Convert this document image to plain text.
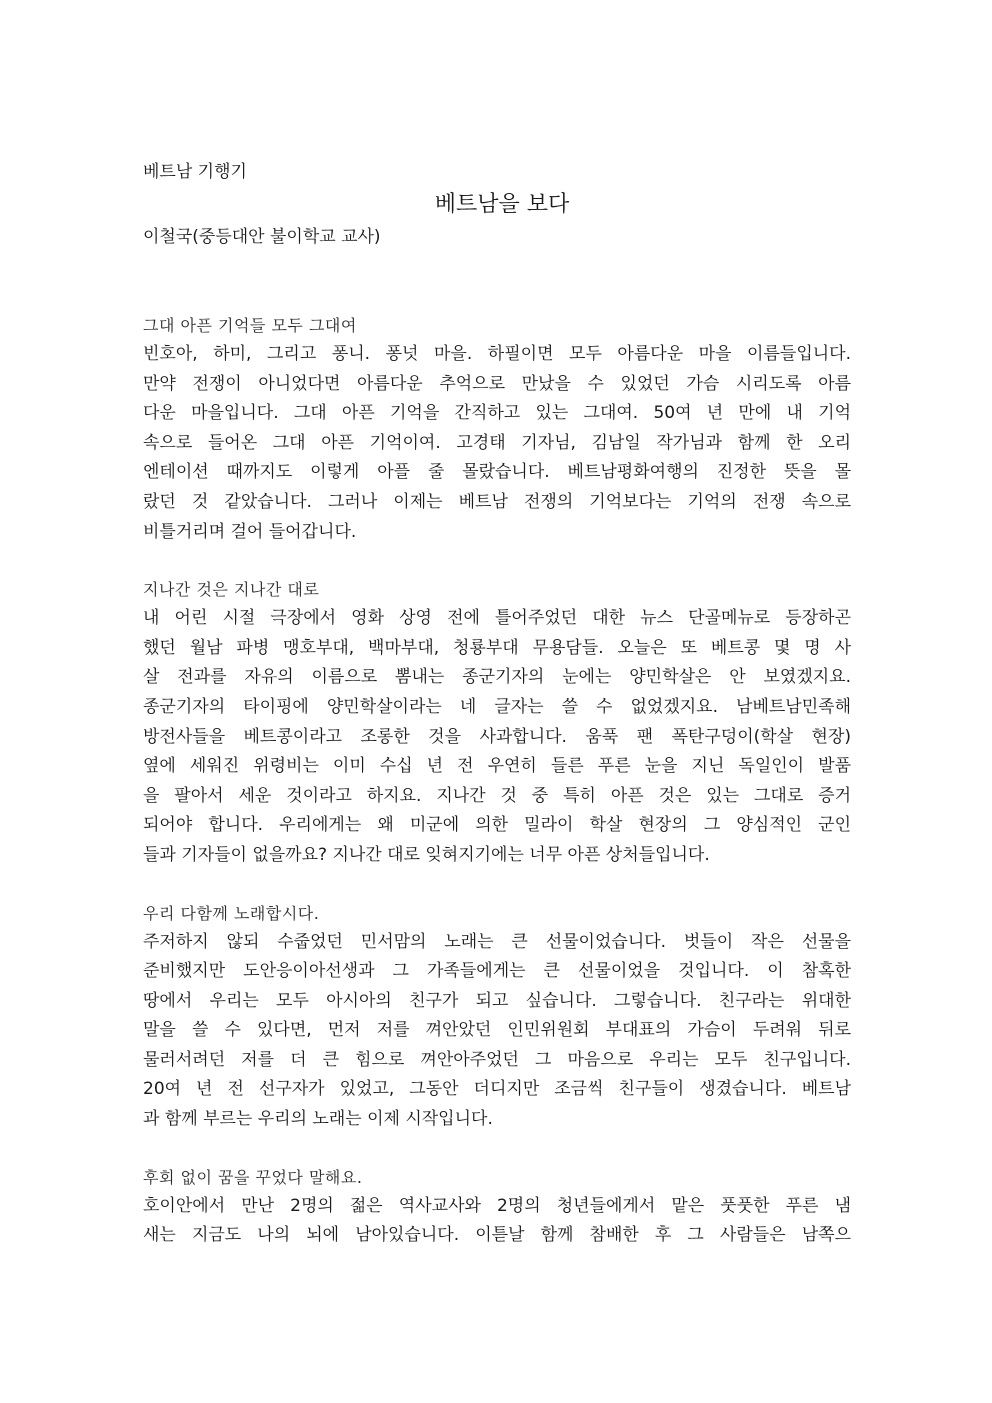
베트남 기행기
베트남을 보다
이철국(중등대안 불이학교 교사)
그대 아픈 기억들 모두 그대여
빈호아, 하미, 그리고 퐁니. 퐁넛 마을. 하필이면 모두 아름다운 마을 이름들입니다.
만약 전쟁이 아니었다면 아름다운 추억으로 만났을 수 있었던 가슴 시리도록 아름
다운 마을입니다. 그대 아픈 기억을 간직하고 있는 그대여. 50여 년 만에 내 기억
속으로 들어온 그대 아픈 기억이여. 고경태 기자님, 김남일 작가님과 함께 한 오리
엔테이션 때까지도 이렇게 아플 줄 몰랐습니다. 베트남평화여행의 진정한 뜻을 몰
랐던 것 같았습니다. 그러나 이제는 베트남 전쟁의 기억보다는 기억의 전쟁 속으로
비틀거리며 걸어 들어갑니다.
지나간 것은 지나간 대로
내 어린 시절 극장에서 영화 상영 전에 틀어주었던 대한 뉴스 단골메뉴로 등장하곤
했던 월남 파병 맹호부대, 백마부대, 청룡부대 무용담들. 오늘은 또 베트콩 몇 명 사
살 전과를 자유의 이름으로 뽐내는 종군기자의 눈에는 양민학살은 안 보였겠지요.
종군기자의 타이핑에 양민학살이라는 네 글자는 쓸 수 없었겠지요. 남베트남민족해
방전사들을 베트콩이라고 조롱한 것을 사과합니다. 움푹 팬 폭탄구덩이(학살 현장)
옆에 세워진 위령비는 이미 수십 년 전 우연히 들른 푸른 눈을 지닌 독일인이 발품
을 팔아서 세운 것이라고 하지요. 지나간 것 중 특히 아픈 것은 있는 그대로 증거
되어야 합니다. 우리에게는 왜 미군에 의한 밀라이 학살 현장의 그 양심적인 군인
들과 기자들이 없을까요? 지나간 대로 잊혀지기에는 너무 아픈 상처들입니다.
우리 다함께 노래합시다.
주저하지 않되 수줍었던 민서맘의 노래는 큰 선물이었습니다. 벗들이 작은 선물을
준비했지만 도안응이아선생과 그 가족들에게는 큰 선물이었을 것입니다. 이 참혹한
땅에서 우리는 모두 아시아의 친구가 되고 싶습니다. 그렇습니다. 친구라는 위대한
말을 쓸 수 있다면, 먼저 저를 껴안았던 인민위원회 부대표의 가슴이 두려워 뒤로
물러서려던 저를 더 큰 힘으로 껴안아주었던 그 마음으로 우리는 모두 친구입니다.
20여 년 전 선구자가 있었고, 그동안 더디지만 조금씩 친구들이 생겼습니다. 베트남
과 함께 부르는 우리의 노래는 이제 시작입니다.
후회 없이 꿈을 꾸었다 말해요.
호이안에서 만난 2명의 젊은 역사교사와 2명의 청년들에게서 맡은 풋풋한 푸른 냄
새는 지금도 나의 뇌에 남아있습니다. 이튿날 함께 참배한 후 그 사람들은 남쪽으
